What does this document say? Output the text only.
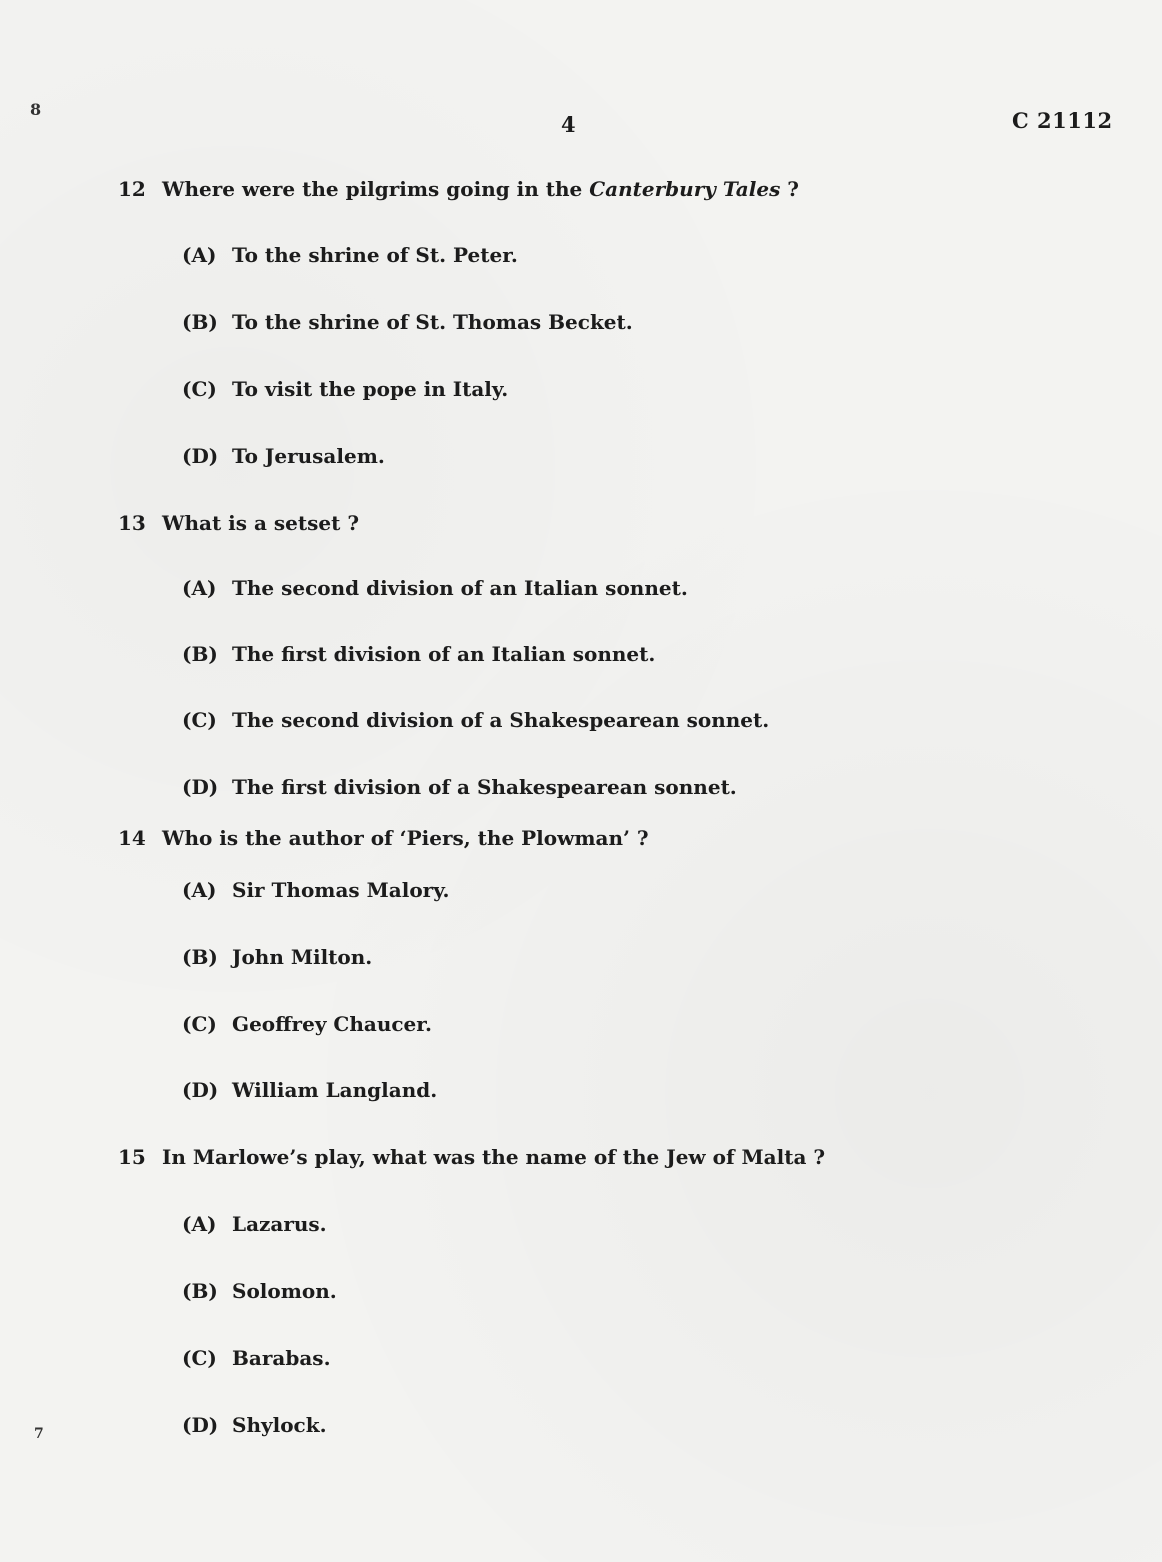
8
4	C 21112
12 Where were the pilgrims going in the Canterbury Tales ?
(A) To the shrine of St. Peter.
(B) To the shrine of St. Thomas Becket.
(C) To visit the pope in Italy.
(D) To Jerusalem.
13 What is a setset ?
(A) The second division of an Italian sonnet.
(B) The first division of an Italian sonnet.
(C) The second division of a Shakespearean sonnet.
(D) The first division of a Shakespearean sonnet.
14 Who is the author of ‘Piers, the Plowman’ ?
(A) Sir Thomas Malory.
(B) John Milton.
(C) Geoffrey Chaucer.
(D) William Langland.
15 In Marlowe’s play, what was the name of the Jew of Malta ?
(A) Lazarus.
(B) Solomon.
(C) Barabas.
(D) Shylock.
7
